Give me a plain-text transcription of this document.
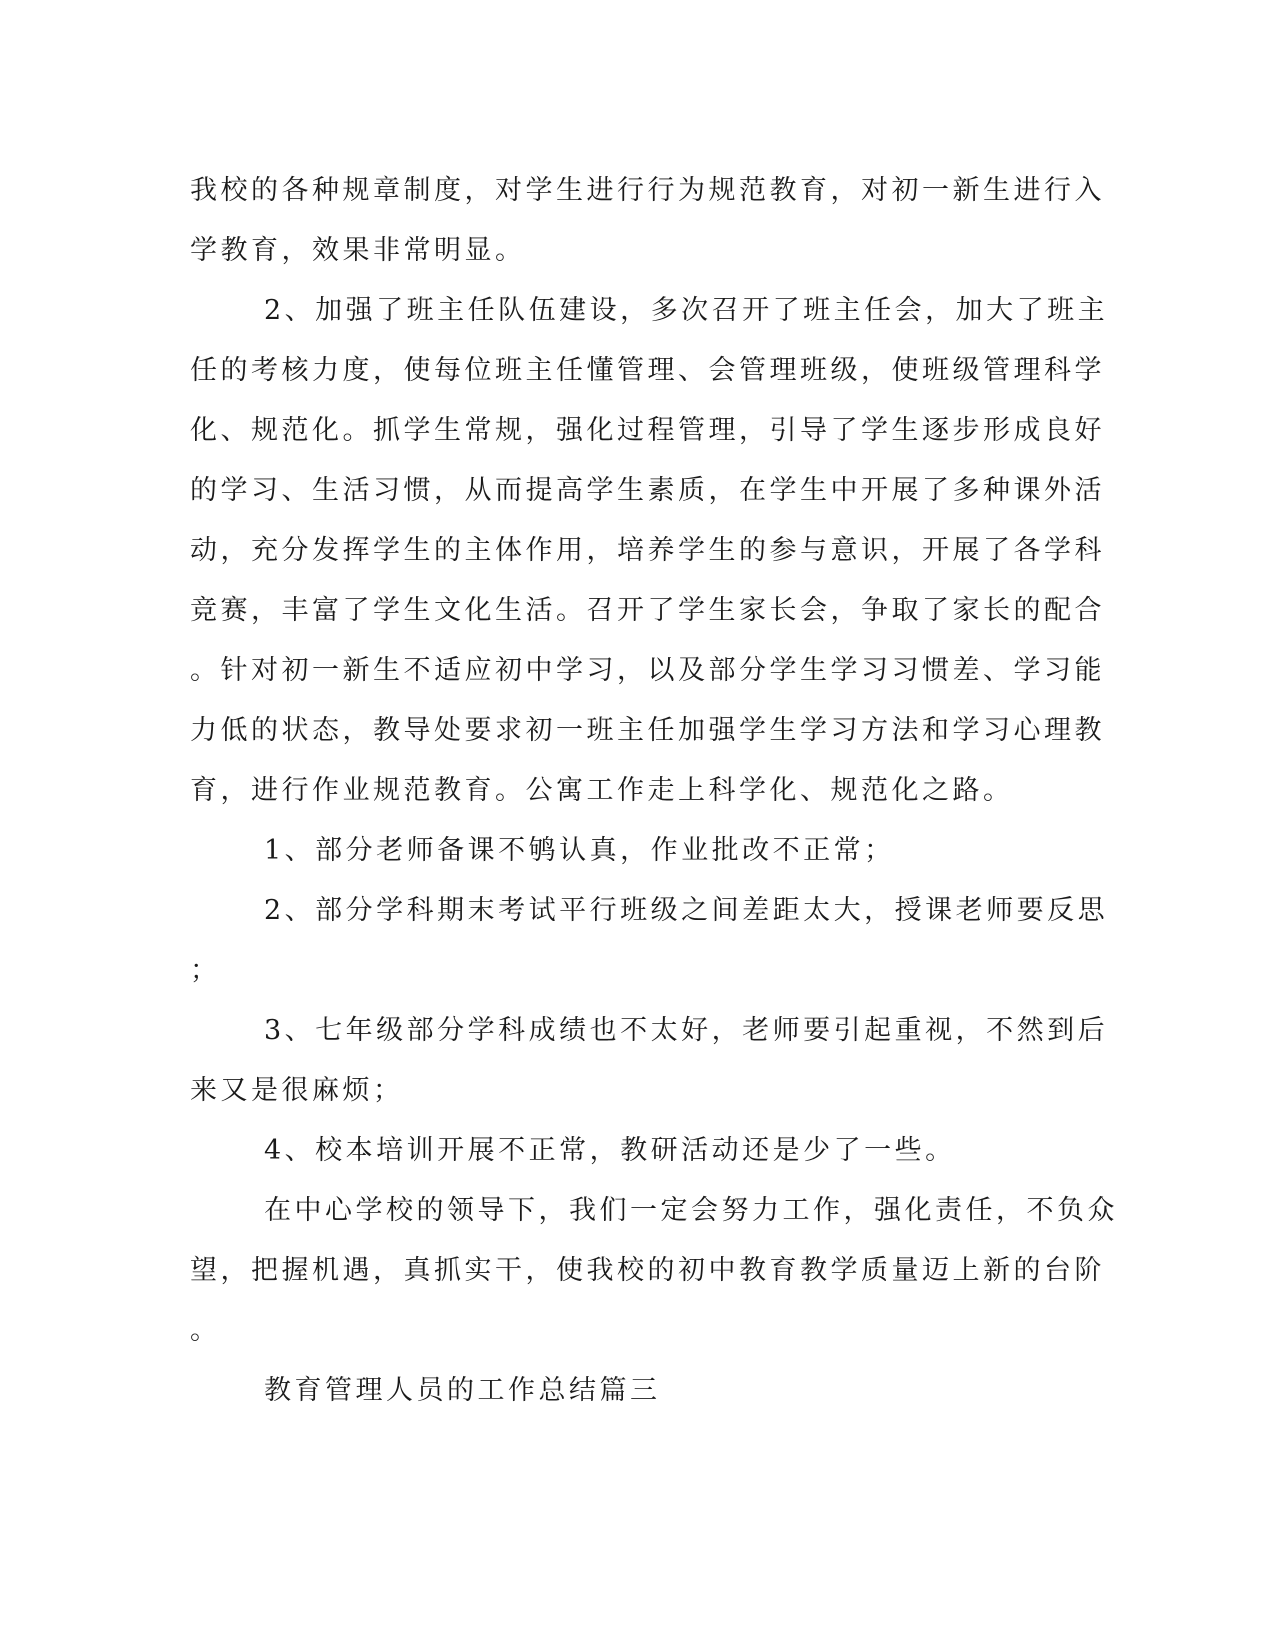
我校的各种规章制度，对学生进行行为规范教育，对初一新生进行入
学教育，效果非常明显。
2、加强了班主任队伍建设，多次召开了班主任会，加大了班主
任的考核力度，使每位班主任懂管理、会管理班级，使班级管理科学
化、规范化。抓学生常规，强化过程管理，引导了学生逐步形成良好
的学习、生活习惯，从而提高学生素质，在学生中开展了多种课外活
动，充分发挥学生的主体作用，培养学生的参与意识，开展了各学科
竞赛，丰富了学生文化生活。召开了学生家长会，争取了家长的配合
。针对初一新生不适应初中学习，以及部分学生学习习惯差、学习能
力低的状态，教导处要求初一班主任加强学生学习方法和学习心理教
育，进行作业规范教育。公寓工作走上科学化、规范化之路。
1、部分老师备课不鸲认真，作业批改不正常；
2、部分学科期末考试平行班级之间差距太大，授课老师要反思
；
3、七年级部分学科成绩也不太好，老师要引起重视，不然到后
来又是很麻烦；
4、校本培训开展不正常，教研活动还是少了一些。
在中心学校的领导下，我们一定会努力工作，强化责任，不负众
望，把握机遇，真抓实干，使我校的初中教育教学质量迈上新的台阶
。
教育管理人员的工作总结篇三
